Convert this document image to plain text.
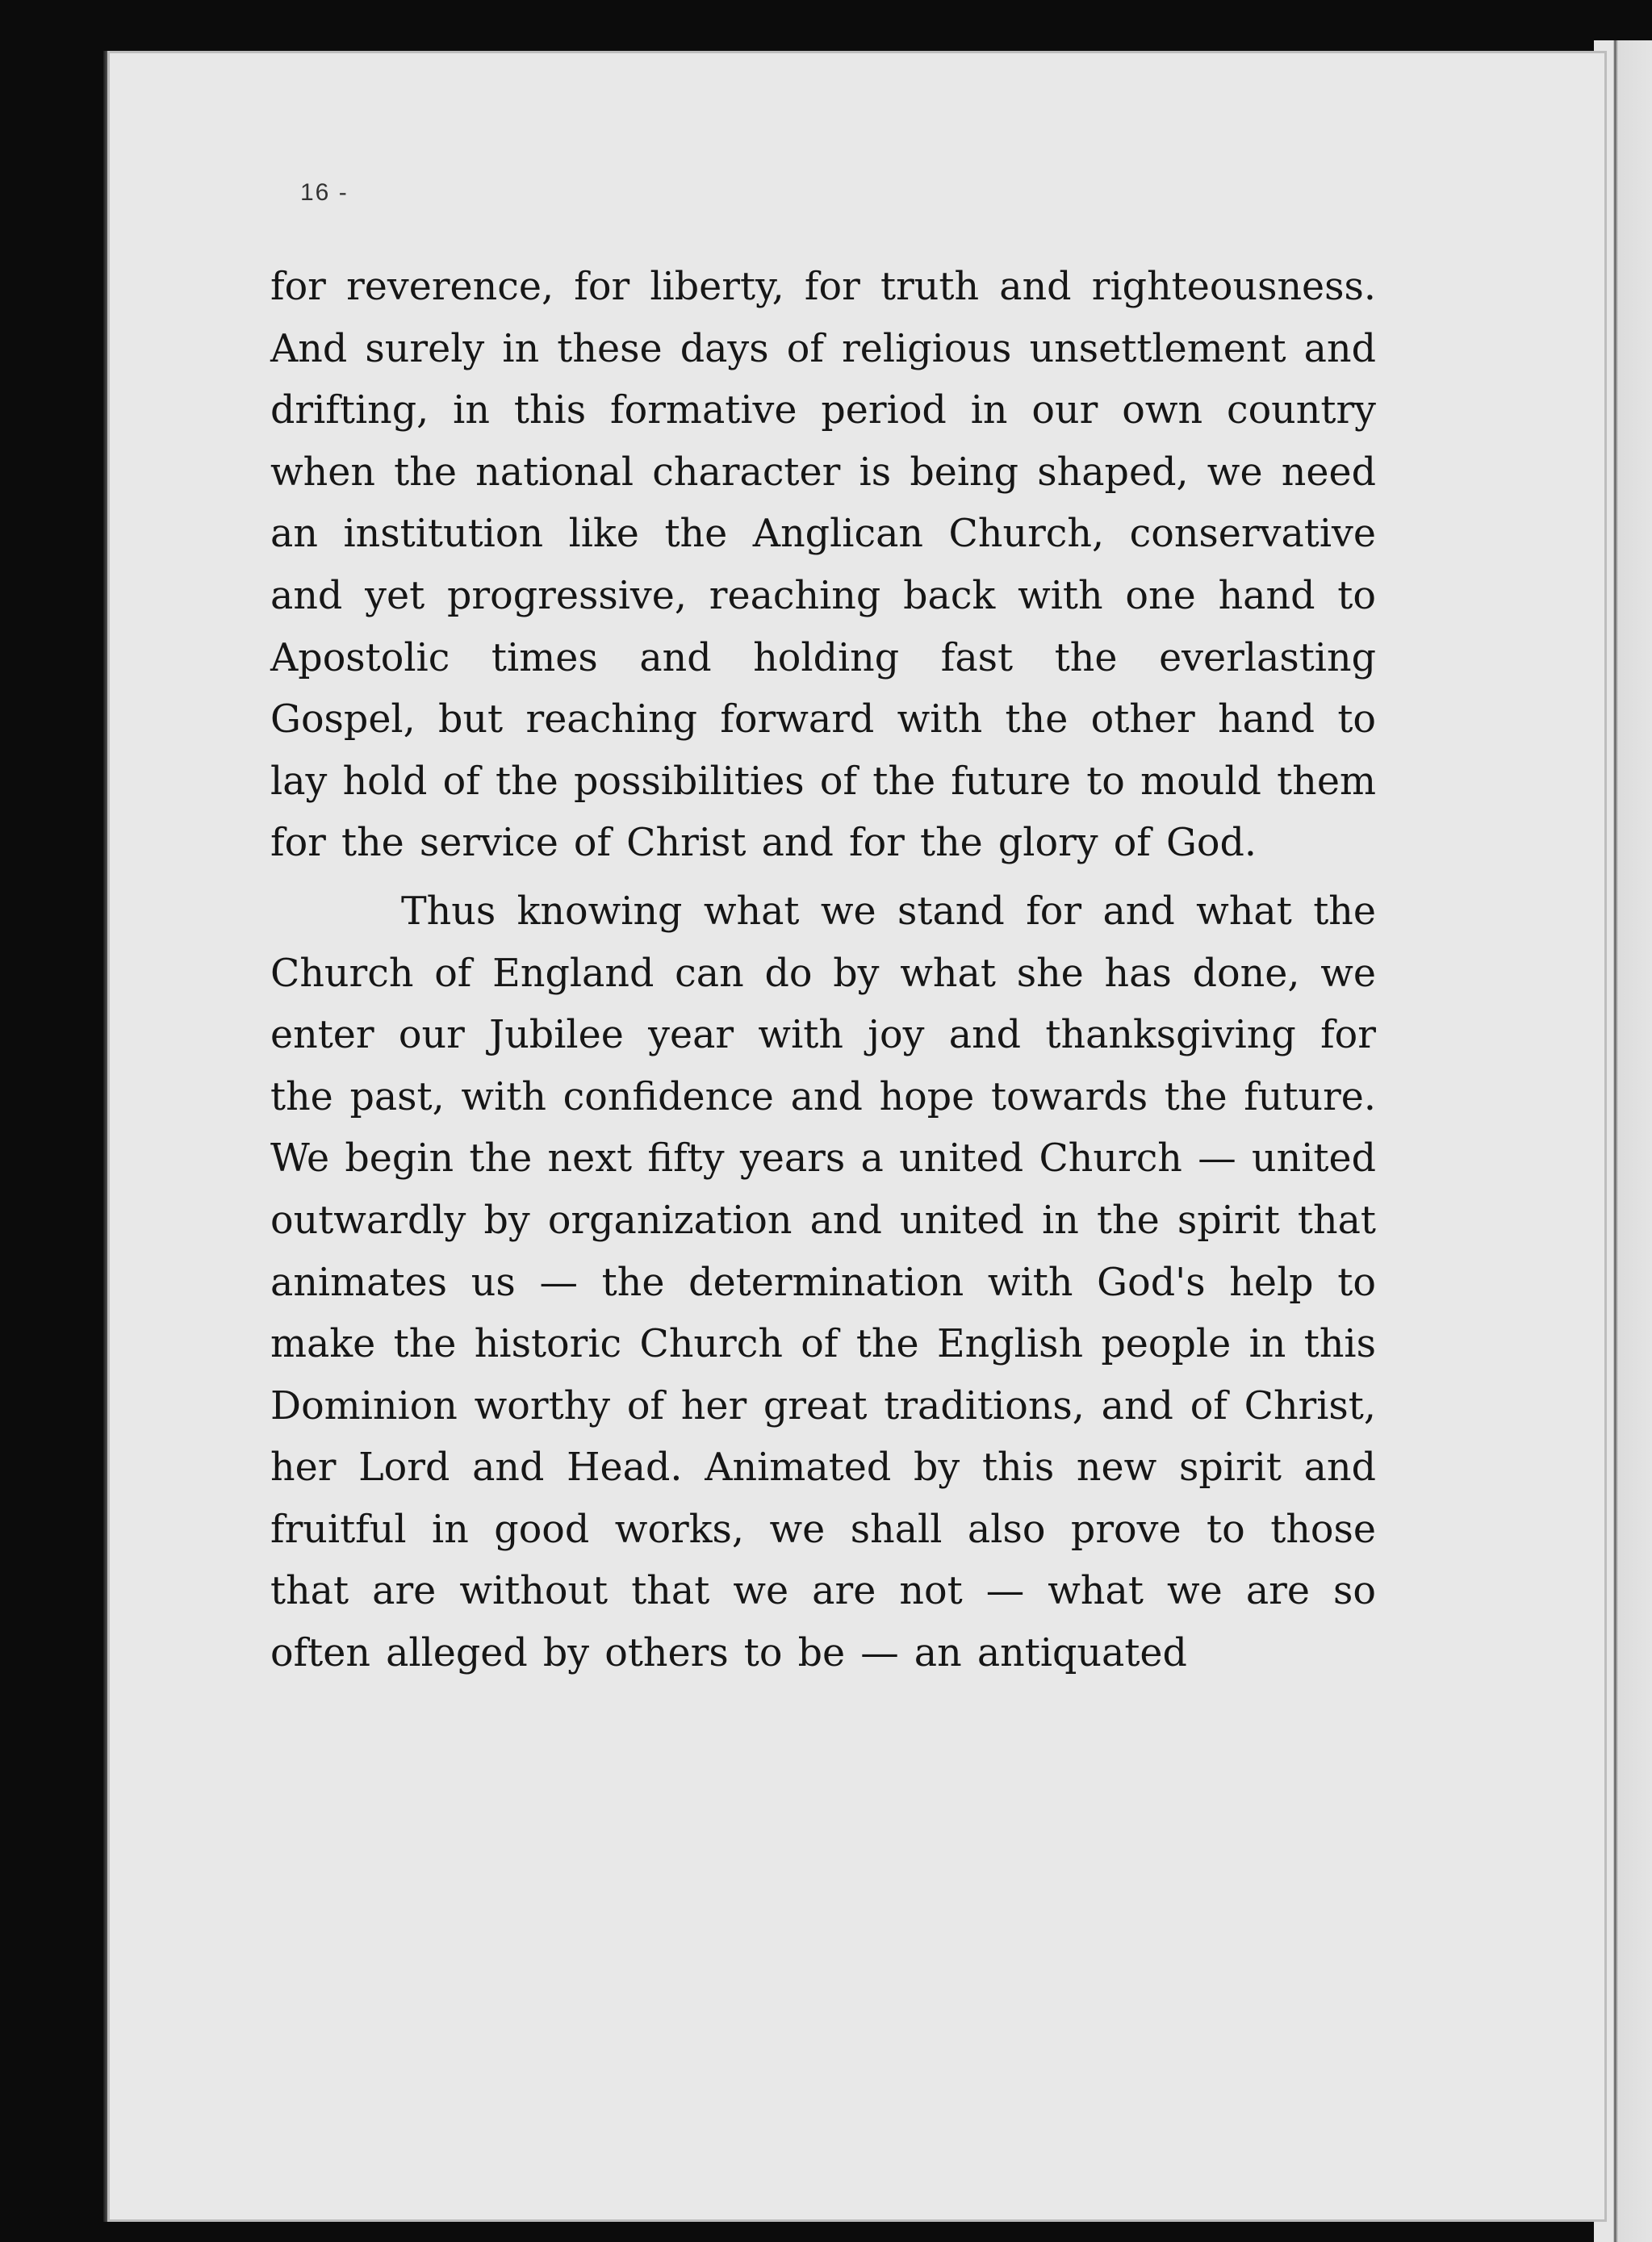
16 -

for reverence, for liberty, for truth and righteousness. And surely in these days of religious unsettlement and drifting, in this formative period in our own country when the national character is being shaped, we need an institution like the Anglican Church, conservative and yet progressive, reaching back with one hand to Apostolic times and holding fast the everlasting Gospel, but reaching forward with the other hand to lay hold of the possibilities of the future to mould them for the service of Christ and for the glory of God.

Thus knowing what we stand for and what the Church of England can do by what she has done, we enter our Jubilee year with joy and thanksgiving for the past, with confidence and hope towards the future. We begin the next fifty years a united Church — united outwardly by organization and united in the spirit that animates us — the determination with God's help to make the historic Church of the English people in this Dominion worthy of her great traditions, and of Christ, her Lord and Head. Animated by this new spirit and fruitful in good works, we shall also prove to those that are without that we are not — what we are so often alleged by others to be — an antiquated
